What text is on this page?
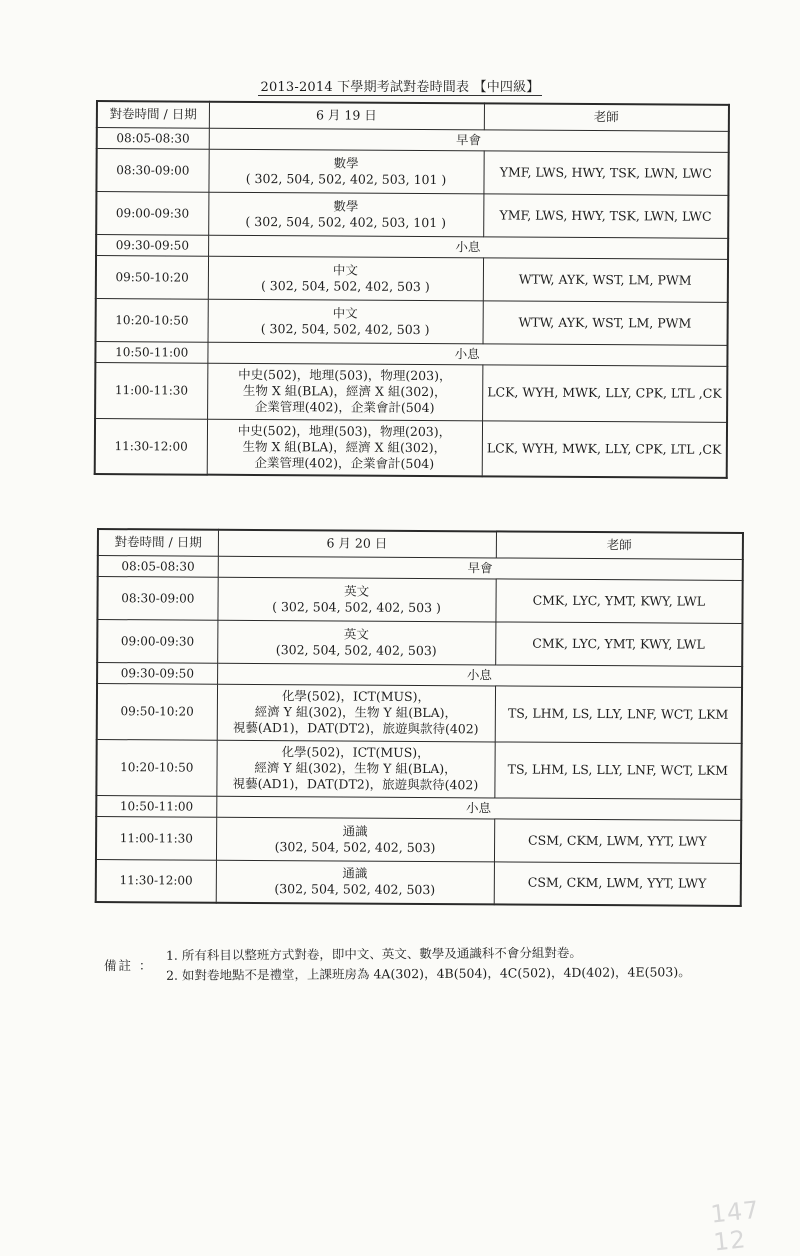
2013-2014 下學期考試對卷時間表 【中四級】
對卷時間 / 日期	6 月 19 日	老師
08:05-08:30	早會	
08:30-09:00	數學
( 302, 504, 502, 402, 503, 101 )	YMF, LWS, HWY, TSK, LWN, LWC
09:00-09:30	數學
( 302, 504, 502, 402, 503, 101 )	YMF, LWS, HWY, TSK, LWN, LWC
09:30-09:50	小息	
09:50-10:20	中文
( 302, 504, 502, 402, 503 )	WTW, AYK, WST, LM, PWM
10:20-10:50	中文
( 302, 504, 502, 402, 503 )	WTW, AYK, WST, LM, PWM
10:50-11:00	小息	
11:00-11:30	中史(502)，地理(503)，物理(203)，
生物 X 組(BLA)，經濟 X 組(302)，
企業管理(402)，企業會計(504)	LCK, WYH, MWK, LLY, CPK, LTL ,CK
11:30-12:00	中史(502)，地理(503)，物理(203)，
生物 X 組(BLA)，經濟 X 組(302)，
企業管理(402)，企業會計(504)	LCK, WYH, MWK, LLY, CPK, LTL ,CK
對卷時間 / 日期	6 月 20 日	老師
08:05-08:30	早會	
08:30-09:00	英文
( 302, 504, 502, 402, 503 )	CMK, LYC, YMT, KWY, LWL
09:00-09:30	英文
(302, 504, 502, 402, 503)	CMK, LYC, YMT, KWY, LWL
09:30-09:50	小息	
09:50-10:20	化學(502)，ICT(MUS)，
經濟 Y 組(302)，生物 Y 組(BLA)，
視藝(AD1)，DAT(DT2)，旅遊與款待(402)	TS, LHM, LS, LLY, LNF, WCT, LKM
10:20-10:50	化學(502)，ICT(MUS)，
經濟 Y 組(302)，生物 Y 組(BLA)，
視藝(AD1)，DAT(DT2)，旅遊與款待(402)	TS, LHM, LS, LLY, LNF, WCT, LKM
10:50-11:00	小息	
11:00-11:30	通識
(302, 504, 502, 402, 503)	CSM, CKM, LWM, YYT, LWY
11:30-12:00	通識
(302, 504, 502, 402, 503)	CSM, CKM, LWM, YYT, LWY
備註 ：
1. 所有科目以整班方式對卷，即中文、英文、數學及通識科不會分組對卷。
2. 如對卷地點不是禮堂，上課班房為 4A(302)，4B(504)，4C(502)，4D(402)，4E(503)。
147 12
